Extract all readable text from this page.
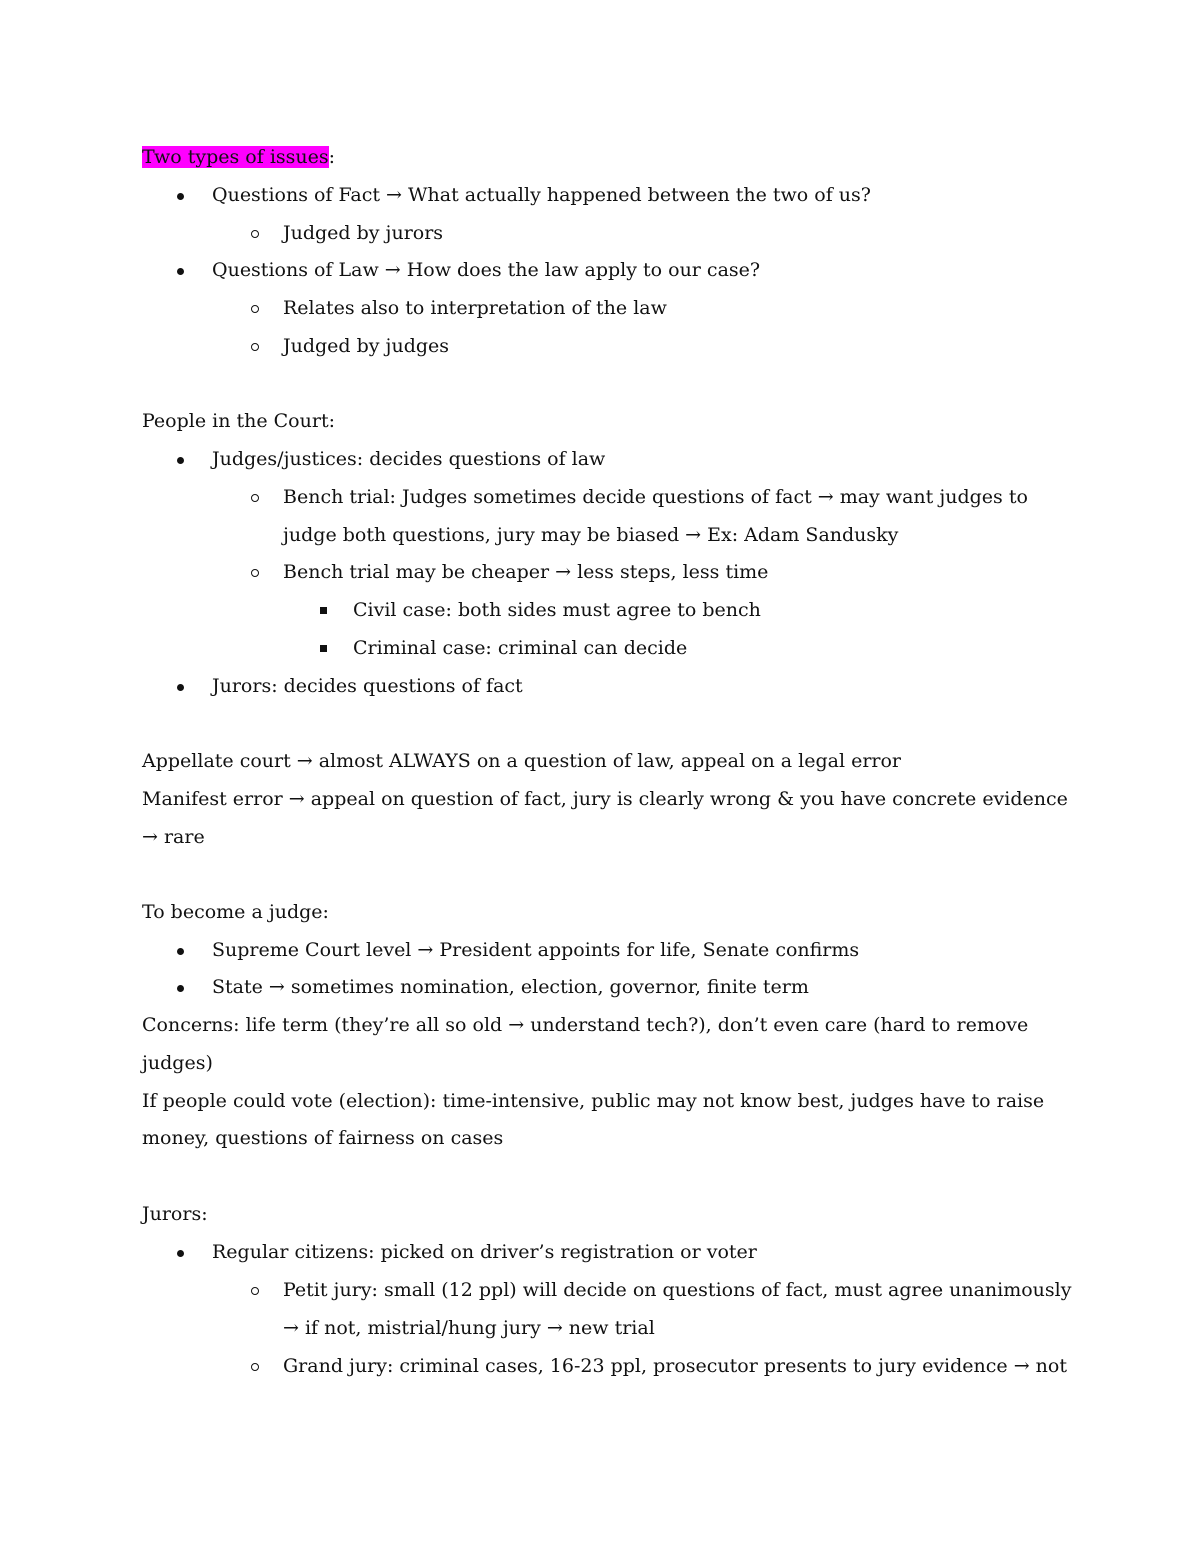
Two types of issues:
Questions of Fact → What actually happened between the two of us?
Judged by jurors
Questions of Law → How does the law apply to our case?
Relates also to interpretation of the law
Judged by judges
People in the Court:
Judges/justices: decides questions of law
Bench trial: Judges sometimes decide questions of fact → may want judges to
judge both questions, jury may be biased → Ex: Adam Sandusky
Bench trial may be cheaper → less steps, less time
Civil case: both sides must agree to bench
Criminal case: criminal can decide
Jurors: decides questions of fact
Appellate court → almost ALWAYS on a question of law, appeal on a legal error
Manifest error → appeal on question of fact, jury is clearly wrong & you have concrete evidence
→ rare
To become a judge:
Supreme Court level → President appoints for life, Senate confirms
State → sometimes nomination, election, governor, finite term
Concerns: life term (they’re all so old → understand tech?), don’t even care (hard to remove
judges)
If people could vote (election): time-intensive, public may not know best, judges have to raise
money, questions of fairness on cases
Jurors:
Regular citizens: picked on driver’s registration or voter
Petit jury: small (12 ppl) will decide on questions of fact, must agree unanimously
→ if not, mistrial/hung jury → new trial
Grand jury: criminal cases, 16-23 ppl, prosecutor presents to jury evidence → not
